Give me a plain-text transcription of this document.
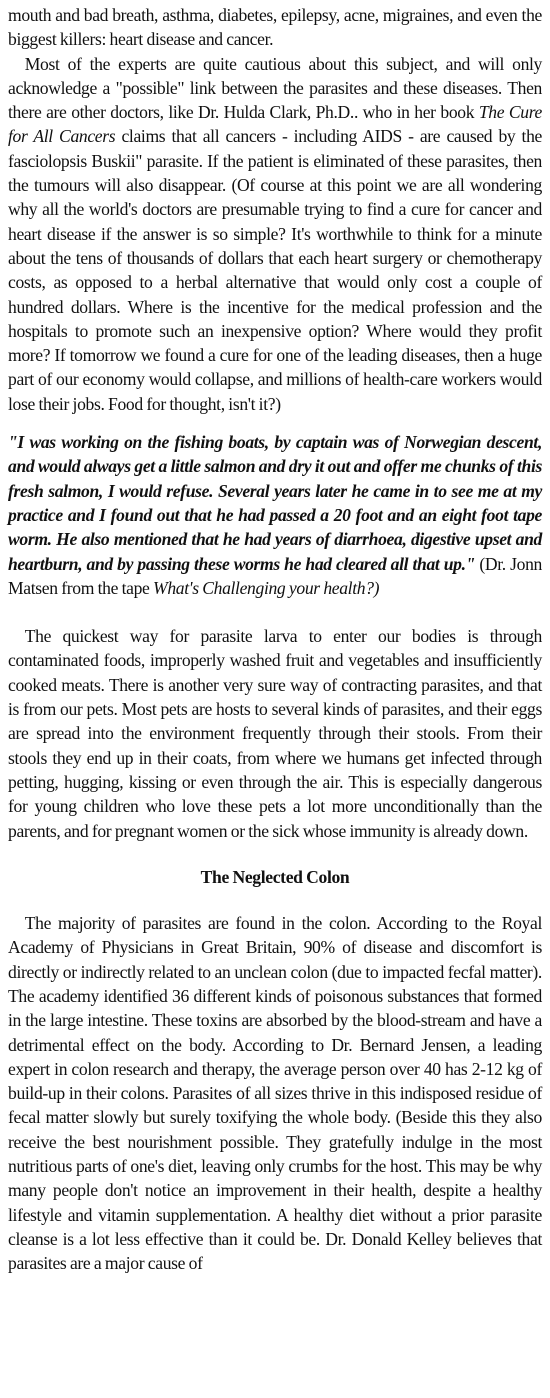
mouth and bad breath, asthma, diabetes, epilepsy, acne, migraines, and even the biggest killers: heart disease and cancer.

Most of the experts are quite cautious about this subject, and will only acknowledge a "possible" link between the parasites and these diseases. Then there are other doctors, like Dr. Hulda Clark, Ph.D.. who in her book The Cure for All Cancers claims that all cancers - including AIDS - are caused by the fasciolopsis Buskii" parasite. If the patient is eliminated of these parasites, then the tumours will also disappear. (Of course at this point we are all wondering why all the world's doctors are presumable trying to find a cure for cancer and heart disease if the answer is so simple? It's worthwhile to think for a minute about the tens of thousands of dollars that each heart surgery or chemotherapy costs, as opposed to a herbal alternative that would only cost a couple of hundred dollars. Where is the incentive for the medical profession and the hospitals to promote such an inexpensive option? Where would they profit more? If tomorrow we found a cure for one of the leading diseases, then a huge part of our economy would collapse, and millions of health-care workers would lose their jobs. Food for thought, isn't it?)

"I was working on the fishing boats, by captain was of Norwegian descent, and would always get a little salmon and dry it out and offer me chunks of this fresh salmon, I would refuse. Several years later he came in to see me at my practice and I found out that he had passed a 20 foot and an eight foot tape worm. He also mentioned that he had years of diarrhoea, digestive upset and heartburn, and by passing these worms he had cleared all that up." (Dr. Jonn Matsen from the tape What's Challenging your health?)

The quickest way for parasite larva to enter our bodies is through contaminated foods, improperly washed fruit and vegetables and insufficiently cooked meats. There is another very sure way of contracting parasites, and that is from our pets. Most pets are hosts to several kinds of parasites, and their eggs are spread into the environment frequently through their stools. From their stools they end up in their coats, from where we humans get infected through petting, hugging, kissing or even through the air. This is especially dangerous for young children who love these pets a lot more unconditionally than the parents, and for pregnant women or the sick whose immunity is already down.

The Neglected Colon

The majority of parasites are found in the colon. According to the Royal Academy of Physicians in Great Britain, 90% of disease and discomfort is directly or indirectly related to an unclean colon (due to impacted fecfal matter). The academy identified 36 different kinds of poisonous substances that formed in the large intestine. These toxins are absorbed by the blood-stream and have a detrimental effect on the body. According to Dr. Bernard Jensen, a leading expert in colon research and therapy, the average person over 40 has 2-12 kg of build-up in their colons. Parasites of all sizes thrive in this indisposed residue of fecal matter slowly but surely toxifying the whole body. (Beside this they also receive the best nourishment possible. They gratefully indulge in the most nutritious parts of one's diet, leaving only crumbs for the host. This may be why many people don't notice an improvement in their health, despite a healthy lifestyle and vitamin supplementation. A healthy diet without a prior parasite cleanse is a lot less effective than it could be. Dr. Donald Kelley believes that parasites are a major cause of
